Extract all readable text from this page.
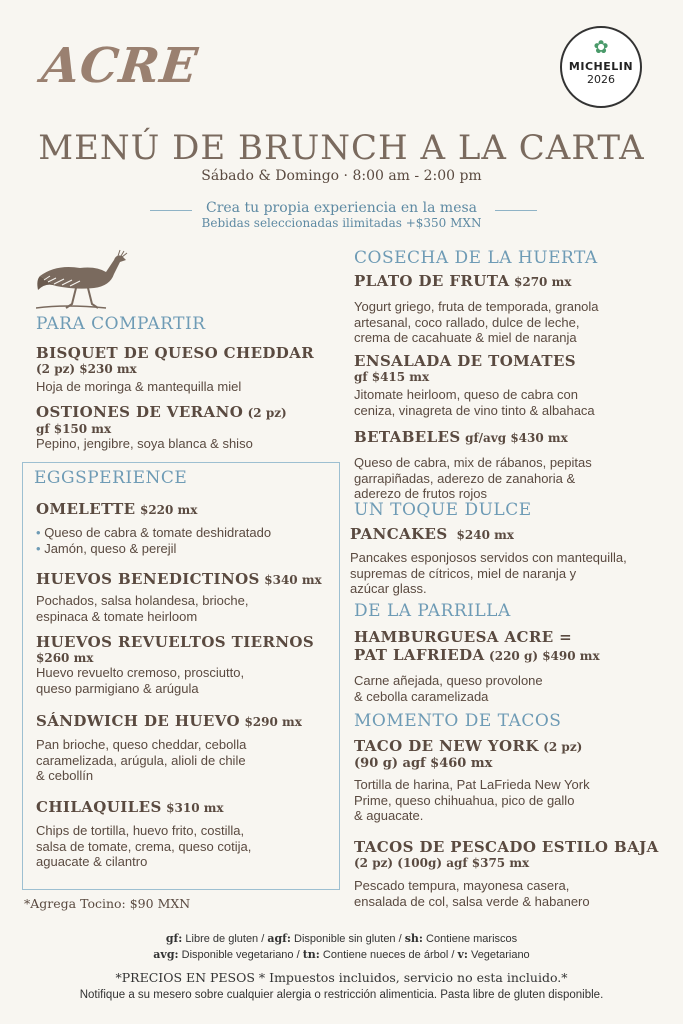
ACRE	✿
MICHELIN
2026
MENÚ DE BRUNCH A LA CARTA
Sábado & Domingo · 8:00 am - 2:00 pm
Crea tu propia experiencia en la mesa
Bebidas seleccionadas ilimitadas +$350 MXN
PARA COMPARTIR
BISQUET DE QUESO CHEDDAR
(2 pz) $230 mx
Hoja de moringa & mantequilla miel
OSTIONES DE VERANO (2 pz)
gf $150 mx
Pepino, jengibre, soya blanca & shiso
EGGSPERIENCE
OMELETTE $220 mx
• Queso de cabra & tomate deshidratado
• Jamón, queso & perejil
HUEVOS BENEDICTINOS $340 mx
Pochados, salsa holandesa, brioche,
espinaca & tomate heirloom
HUEVOS REVUELTOS TIERNOS
$260 mx
Huevo revuelto cremoso, prosciutto,
queso parmigiano & arúgula
SÁNDWICH DE HUEVO $290 mx
Pan brioche, queso cheddar, cebolla
caramelizada, arúgula, alioli de chile
& cebollín
CHILAQUILES $310 mx
Chips de tortilla, huevo frito, costilla,
salsa de tomate, crema, queso cotija,
aguacate & cilantro
*Agrega Tocino: $90 MXN
COSECHA DE LA HUERTA
PLATO DE FRUTA $270 mx
Yogurt griego, fruta de temporada, granola
artesanal, coco rallado, dulce de leche,
crema de cacahuate & miel de naranja
ENSALADA DE TOMATES
gf $415 mx
Jitomate heirloom, queso de cabra con
ceniza, vinagreta de vino tinto & albahaca
BETABELES gf/avg $430 mx
Queso de cabra, mix de rábanos, pepitas
garrapiñadas, aderezo de zanahoria &
aderezo de frutos rojos
UN TOQUE DULCE
PANCAKES $240 mx
Pancakes esponjosos servidos con mantequilla,
supremas de cítricos, miel de naranja y
azúcar glass.
DE LA PARRILLA
HAMBURGUESA ACRE =
PAT LAFRIEDA (220 g) $490 mx
Carne añejada, queso provolone
& cebolla caramelizada
MOMENTO DE TACOS
TACO DE NEW YORK (2 pz)
(90 g) agf $460 mx
Tortilla de harina, Pat LaFrieda New York
Prime, queso chihuahua, pico de gallo
& aguacate.
TACOS DE PESCADO ESTILO BAJA
(2 pz) (100g) agf $375 mx
Pescado tempura, mayonesa casera,
ensalada de col, salsa verde & habanero
gf: Libre de gluten / agf: Disponible sin gluten / sh: Contiene mariscos
avg: Disponible vegetariano / tn: Contiene nueces de árbol / v: Vegetariano
*PRECIOS EN PESOS * Impuestos incluidos, servicio no esta incluido.*
Notifique a su mesero sobre cualquier alergia o restricción alimenticia. Pasta libre de gluten disponible.
